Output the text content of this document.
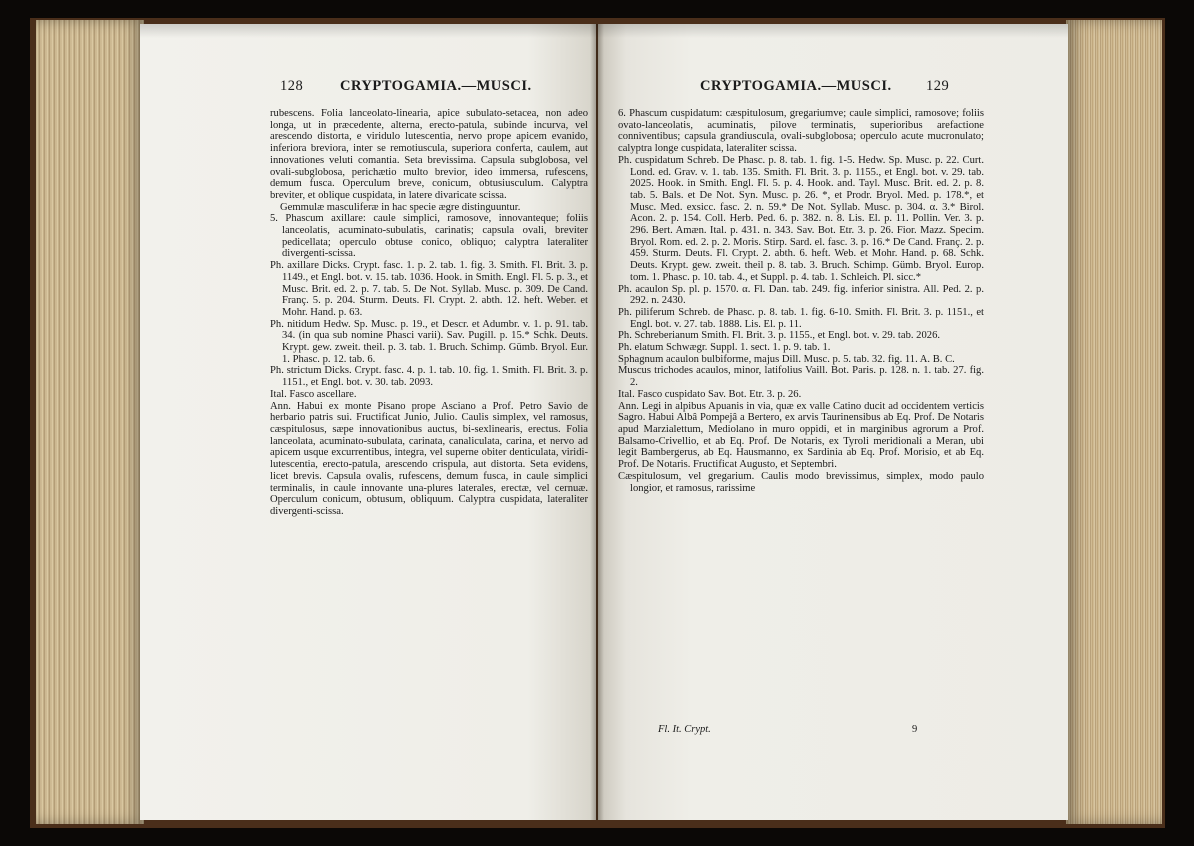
128	CRYPTOGAMIA.—MUSCI.

rubescens. Folia lanceolato-linearia, apice subulato-setacea, non adeo longa, ut in præcedente, alterna, erecto-patula, subinde incurva, vel arescendo distorta, e viridulo lutescentia, nervo prope apicem evanido, inferiora breviora, inter se remotiuscula, superiora conferta, caulem, aut innovationes veluti comantia. Seta brevissima. Capsula subglobosa, vel ovali-subglobosa, perichætio multo brevior, ideo immersa, rufescens, demum fusca. Operculum breve, conicum, obtusiusculum. Calyptra breviter, et oblique cuspidata, in latere divaricate scissa.

Gemmulæ masculiferæ in hac specie ægre distinguuntur.

5. Phascum axillare: caule simplici, ramosove, innovanteque; foliis lanceolatis, acuminato-subulatis, carinatis; capsula ovali, breviter pedicellata; operculo obtuse conico, obliquo; calyptra lateraliter divergenti-scissa.

Ph. axillare Dicks. Crypt. fasc. 1. p. 2. tab. 1. fig. 3. Smith. Fl. Brit. 3. p. 1149., et Engl. bot. v. 15. tab. 1036. Hook. in Smith. Engl. Fl. 5. p. 3., et Musc. Brit. ed. 2. p. 7. tab. 5. De Not. Syllab. Musc. p. 309. De Cand. Franç. 5. p. 204. Sturm. Deuts. Fl. Crypt. 2. abth. 12. heft. Weber. et Mohr. Hand. p. 63.

Ph. nitidum Hedw. Sp. Musc. p. 19., et Descr. et Adumbr. v. 1. p. 91. tab. 34. (in qua sub nomine Phasci varii). Sav. Pugill. p. 15.* Schk. Deuts. Krypt. gew. zweit. theil. p. 3. tab. 1. Bruch. Schimp. Gümb. Bryol. Eur. 1. Phasc. p. 12. tab. 6.

Ph. strictum Dicks. Crypt. fasc. 4. p. 1. tab. 10. fig. 1. Smith. Fl. Brit. 3. p. 1151., et Engl. bot. v. 30. tab. 2093.

Ital. Fasco ascellare.

Ann. Habui ex monte Pisano prope Asciano a Prof. Petro Savio de herbario patris sui. Fructificat Junio, Julio. Caulis simplex, vel ramosus, cæspitulosus, sæpe innovationibus auctus, bi-sexlinearis, erectus. Folia lanceolata, acuminato-subulata, carinata, canaliculata, carina, et nervo ad apicem usque excurrentibus, integra, vel superne obiter denticulata, viridi-lutescentia, erecto-patula, arescendo crispula, aut distorta. Seta evidens, licet brevis. Capsula ovalis, rufescens, demum fusca, in caule simplici terminalis, in caule innovante una-plures laterales, erectæ, vel cernuæ. Operculum conicum, obtusum, obliquum. Calyptra cuspidata, lateraliter divergenti-scissa.

CRYPTOGAMIA.—MUSCI. 129

6. Phascum cuspidatum: cæspitulosum, gregariumve; caule simplici, ramosove; foliis ovato-lanceolatis, acuminatis, pilove terminatis, superioribus arefactione conniventibus; capsula grandiuscula, ovali-subglobosa; operculo acute mucronulato; calyptra longe cuspidata, lateraliter scissa.

Ph. cuspidatum Schreb. De Phasc. p. 8. tab. 1. fig. 1-5. Hedw. Sp. Musc. p. 22. Curt. Lond. ed. Grav. v. 1. tab. 135. Smith. Fl. Brit. 3. p. 1155., et Engl. bot. v. 29. tab. 2025. Hook. in Smith. Engl. Fl. 5. p. 4. Hook. and. Tayl. Musc. Brit. ed. 2. p. 8. tab. 5. Bals. et De Not. Syn. Musc. p. 26. *, et Prodr. Bryol. Med. p. 178.*, et Musc. Med. exsicc. fasc. 2. n. 59.* De Not. Syllab. Musc. p. 304. α. 3.* Birol. Acon. 2. p. 154. Coll. Herb. Ped. 6. p. 382. n. 8. Lis. El. p. 11. Pollin. Ver. 3. p. 296. Bert. Amæn. Ital. p. 431. n. 343. Sav. Bot. Etr. 3. p. 26. Fior. Mazz. Specim. Bryol. Rom. ed. 2. p. 2. Moris. Stirp. Sard. el. fasc. 3. p. 16.* De Cand. Franç. 2. p. 459. Sturm. Deuts. Fl. Crypt. 2. abth. 6. heft. Web. et Mohr. Hand. p. 68. Schk. Deuts. Krypt. gew. zweit. theil p. 8. tab. 3. Bruch. Schimp. Gümb. Bryol. Europ. tom. 1. Phasc. p. 10. tab. 4., et Suppl. p. 4. tab. 1. Schleich. Pl. sicc.*

Ph. acaulon Sp. pl. p. 1570. α. Fl. Dan. tab. 249. fig. inferior sinistra. All. Ped. 2. p. 292. n. 2430.

Ph. piliferum Schreb. de Phasc. p. 8. tab. 1. fig. 6-10. Smith. Fl. Brit. 3. p. 1151., et Engl. bot. v. 27. tab. 1888. Lis. El. p. 11.

Ph. Schreberianum Smith. Fl. Brit. 3. p. 1155., et Engl. bot. v. 29. tab. 2026.

Ph. elatum Schwægr. Suppl. 1. sect. 1. p. 9. tab. 1.

Sphagnum acaulon bulbiforme, majus Dill. Musc. p. 5. tab. 32. fig. 11. A. B. C.

Muscus trichodes acaulos, minor, latifolius Vaill. Bot. Paris. p. 128. n. 1. tab. 27. fig. 2.

Ital. Fasco cuspidato Sav. Bot. Etr. 3. p. 26.

Ann. Legi in alpibus Apuanis in via, quæ ex valle Catino ducit ad occidentem verticis Sagro. Habui Albâ Pompejâ a Bertero, ex arvis Taurinensibus ab Eq. Prof. De Notaris apud Marzialettum, Mediolano in muro oppidi, et in marginibus agrorum a Prof. Balsamo-Crivellio, et ab Eq. Prof. De Notaris, ex Tyroli meridionali a Meran, ubi legit Bambergerus, ab Eq. Hausmanno, ex Sardinia ab Eq. Prof. Morisio, et ab Eq. Prof. De Notaris. Fructificat Augusto, et Septembri.

Cæspitulosum, vel gregarium. Caulis modo brevissimus, simplex, modo paulo longior, et ramosus, rarissime

Fl. It. Crypt.	9
